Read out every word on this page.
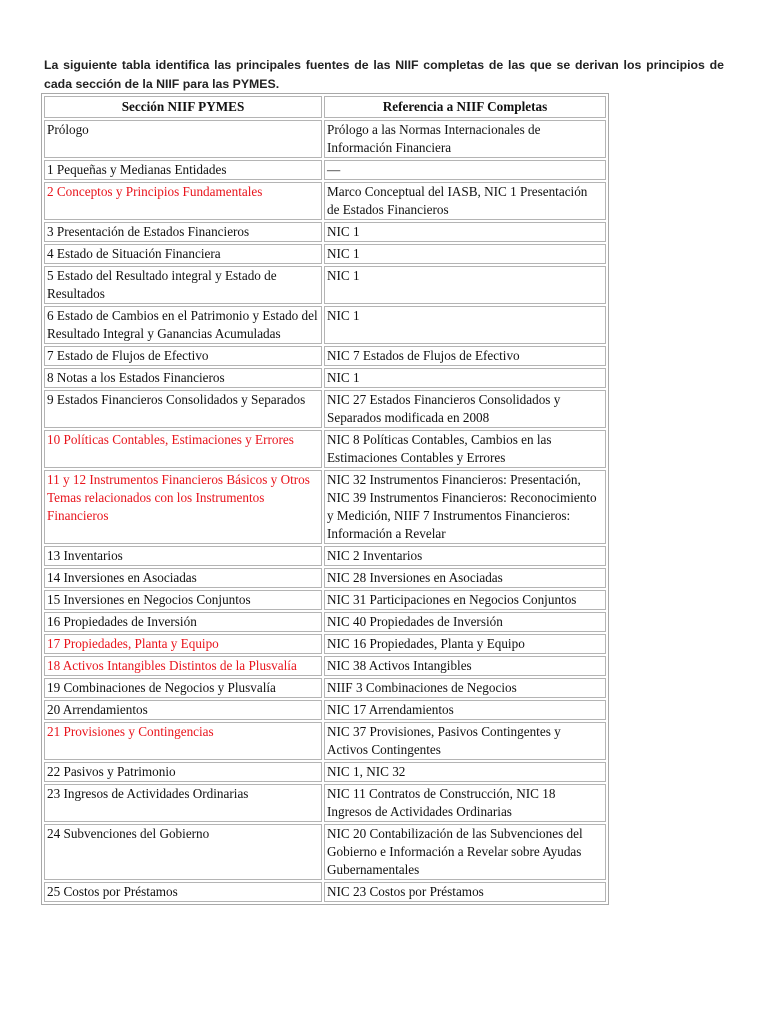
La siguiente tabla identifica las principales fuentes de las NIIF completas de las que se derivan los principios de cada sección de la NIIF para las PYMES.

Sección NIIF PYMES	Referencia a NIIF Completas
Prólogo	Prólogo a las Normas Internacionales de Información Financiera
1 Pequeñas y Medianas Entidades	—
2 Conceptos y Principios Fundamentales	Marco Conceptual del IASB, NIC 1 Presentación de Estados Financieros
3 Presentación de Estados Financieros	NIC 1
4 Estado de Situación Financiera	NIC 1
5 Estado del Resultado integral y Estado de Resultados	NIC 1
6 Estado de Cambios en el Patrimonio y Estado del Resultado Integral y Ganancias Acumuladas	NIC 1
7 Estado de Flujos de Efectivo	NIC 7 Estados de Flujos de Efectivo
8 Notas a los Estados Financieros	NIC 1
9 Estados Financieros Consolidados y Separados	NIC 27 Estados Financieros Consolidados y Separados modificada en 2008
10 Políticas Contables, Estimaciones y Errores	NIC 8 Políticas Contables, Cambios en las Estimaciones Contables y Errores
11 y 12 Instrumentos Financieros Básicos y Otros Temas relacionados con los Instrumentos Financieros	NIC 32 Instrumentos Financieros: Presentación, NIC 39 Instrumentos Financieros: Reconocimiento y Medición, NIIF 7 Instrumentos Financieros: Información a Revelar
13 Inventarios	NIC 2 Inventarios
14 Inversiones en Asociadas	NIC 28 Inversiones en Asociadas
15 Inversiones en Negocios Conjuntos	NIC 31 Participaciones en Negocios Conjuntos
16 Propiedades de Inversión	NIC 40 Propiedades de Inversión
17 Propiedades, Planta y Equipo	NIC 16 Propiedades, Planta y Equipo
18 Activos Intangibles Distintos de la Plusvalía	NIC 38 Activos Intangibles
19 Combinaciones de Negocios y Plusvalía	NIIF 3 Combinaciones de Negocios
20 Arrendamientos	NIC 17 Arrendamientos
21 Provisiones y Contingencias	NIC 37 Provisiones, Pasivos Contingentes y Activos Contingentes
22 Pasivos y Patrimonio	NIC 1, NIC 32
23 Ingresos de Actividades Ordinarias	NIC 11 Contratos de Construcción, NIC 18 Ingresos de Actividades Ordinarias
24 Subvenciones del Gobierno	NIC 20 Contabilización de las Subvenciones del Gobierno e Información a Revelar sobre Ayudas Gubernamentales
25 Costos por Préstamos	NIC 23 Costos por Préstamos
